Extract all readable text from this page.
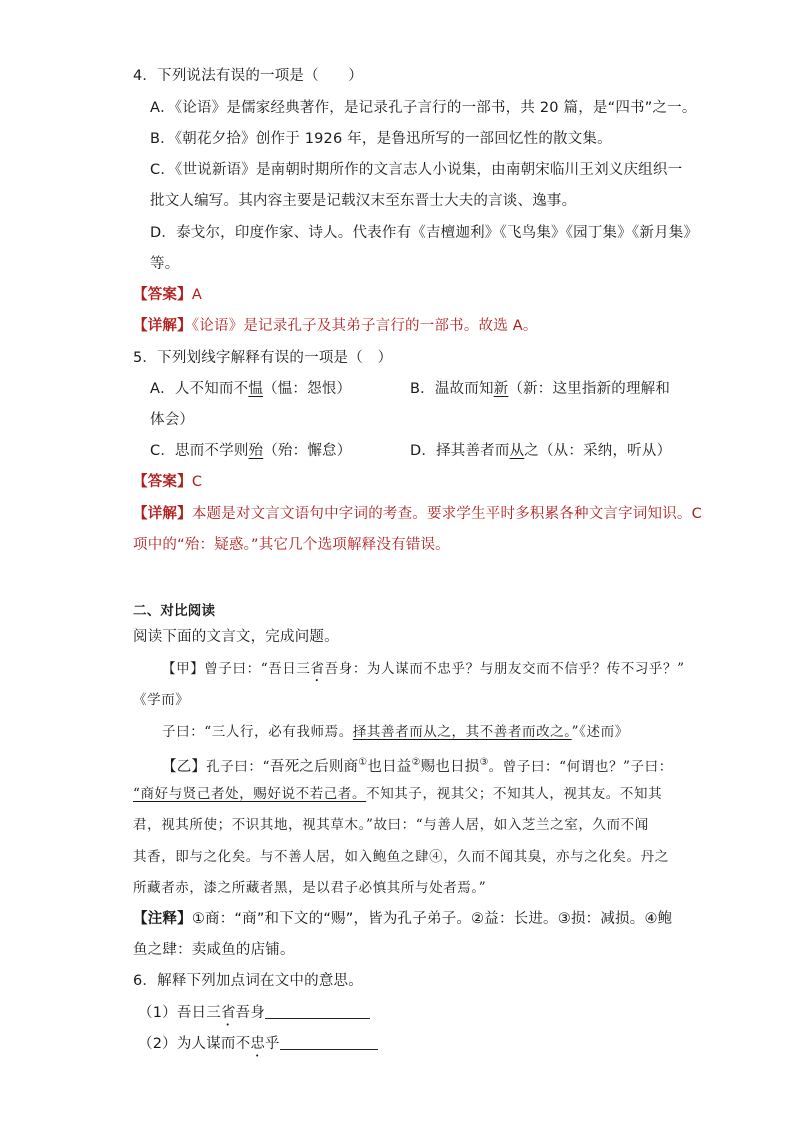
4．下列说法有误的一项是（　　）
A．《论语》是儒家经典著作，是记录孔子言行的一部书，共 20 篇，是“四书”之一。
B．《朝花夕拾》创作于 1926 年，是鲁迅所写的一部回忆性的散文集。
C．《世说新语》是南朝时期所作的文言志人小说集，由南朝宋临川王刘义庆组织一
批文人编写。其内容主要是记载汉末至东晋士大夫的言谈、逸事。
D．泰戈尔，印度作家、诗人。代表作有《吉檀迦利》《飞鸟集》《园丁集》《新月集》
等。
【答案】A
【详解】《论语》是记录孔子及其弟子言行的一部书。故选 A。
5．下列划线字解释有误的一项是（　）
A．人不知而不愠（愠：怨恨）	B．温故而知新（新：这里指新的理解和
体会）
C．思而不学则殆（殆：懈怠）	D．择其善者而从之（从：采纳，听从）
【答案】C
【详解】本题是对文言文语句中字词的考查。要求学生平时多积累各种文言字词知识。C
项中的“殆：疑惑。”其它几个选项解释没有错误。
二、对比阅读
阅读下面的文言文，完成问题。
【甲】曾子曰：“吾日三省吾身：为人谋而不忠乎？与朋友交而不信乎？传不习乎？”
《学而》
子曰：“三人行，必有我师焉。择其善者而从之，其不善者而改之。”《述而》
【乙】孔子曰：“吾死之后则商①也日益②赐也日损③。曾子曰：“何谓也？”子曰：
“商好与贤己者处，赐好说不若己者。不知其子，视其父；不知其人，视其友。不知其
君，视其所使；不识其地，视其草木。”故曰：“与善人居，如入芝兰之室，久而不闻
其香，即与之化矣。与不善人居，如入鲍鱼之肆④，久而不闻其臭，亦与之化矣。丹之
所藏者赤，漆之所藏者黑，是以君子必慎其所与处者焉。”
【注释】①商：“商”和下文的“赐”，皆为孔子弟子。②益：长进。③损：减损。④鲍
鱼之肆：卖咸鱼的店铺。
6．解释下列加点词在文中的意思。
（1）吾日三省吾身
（2）为人谋而不忠乎
